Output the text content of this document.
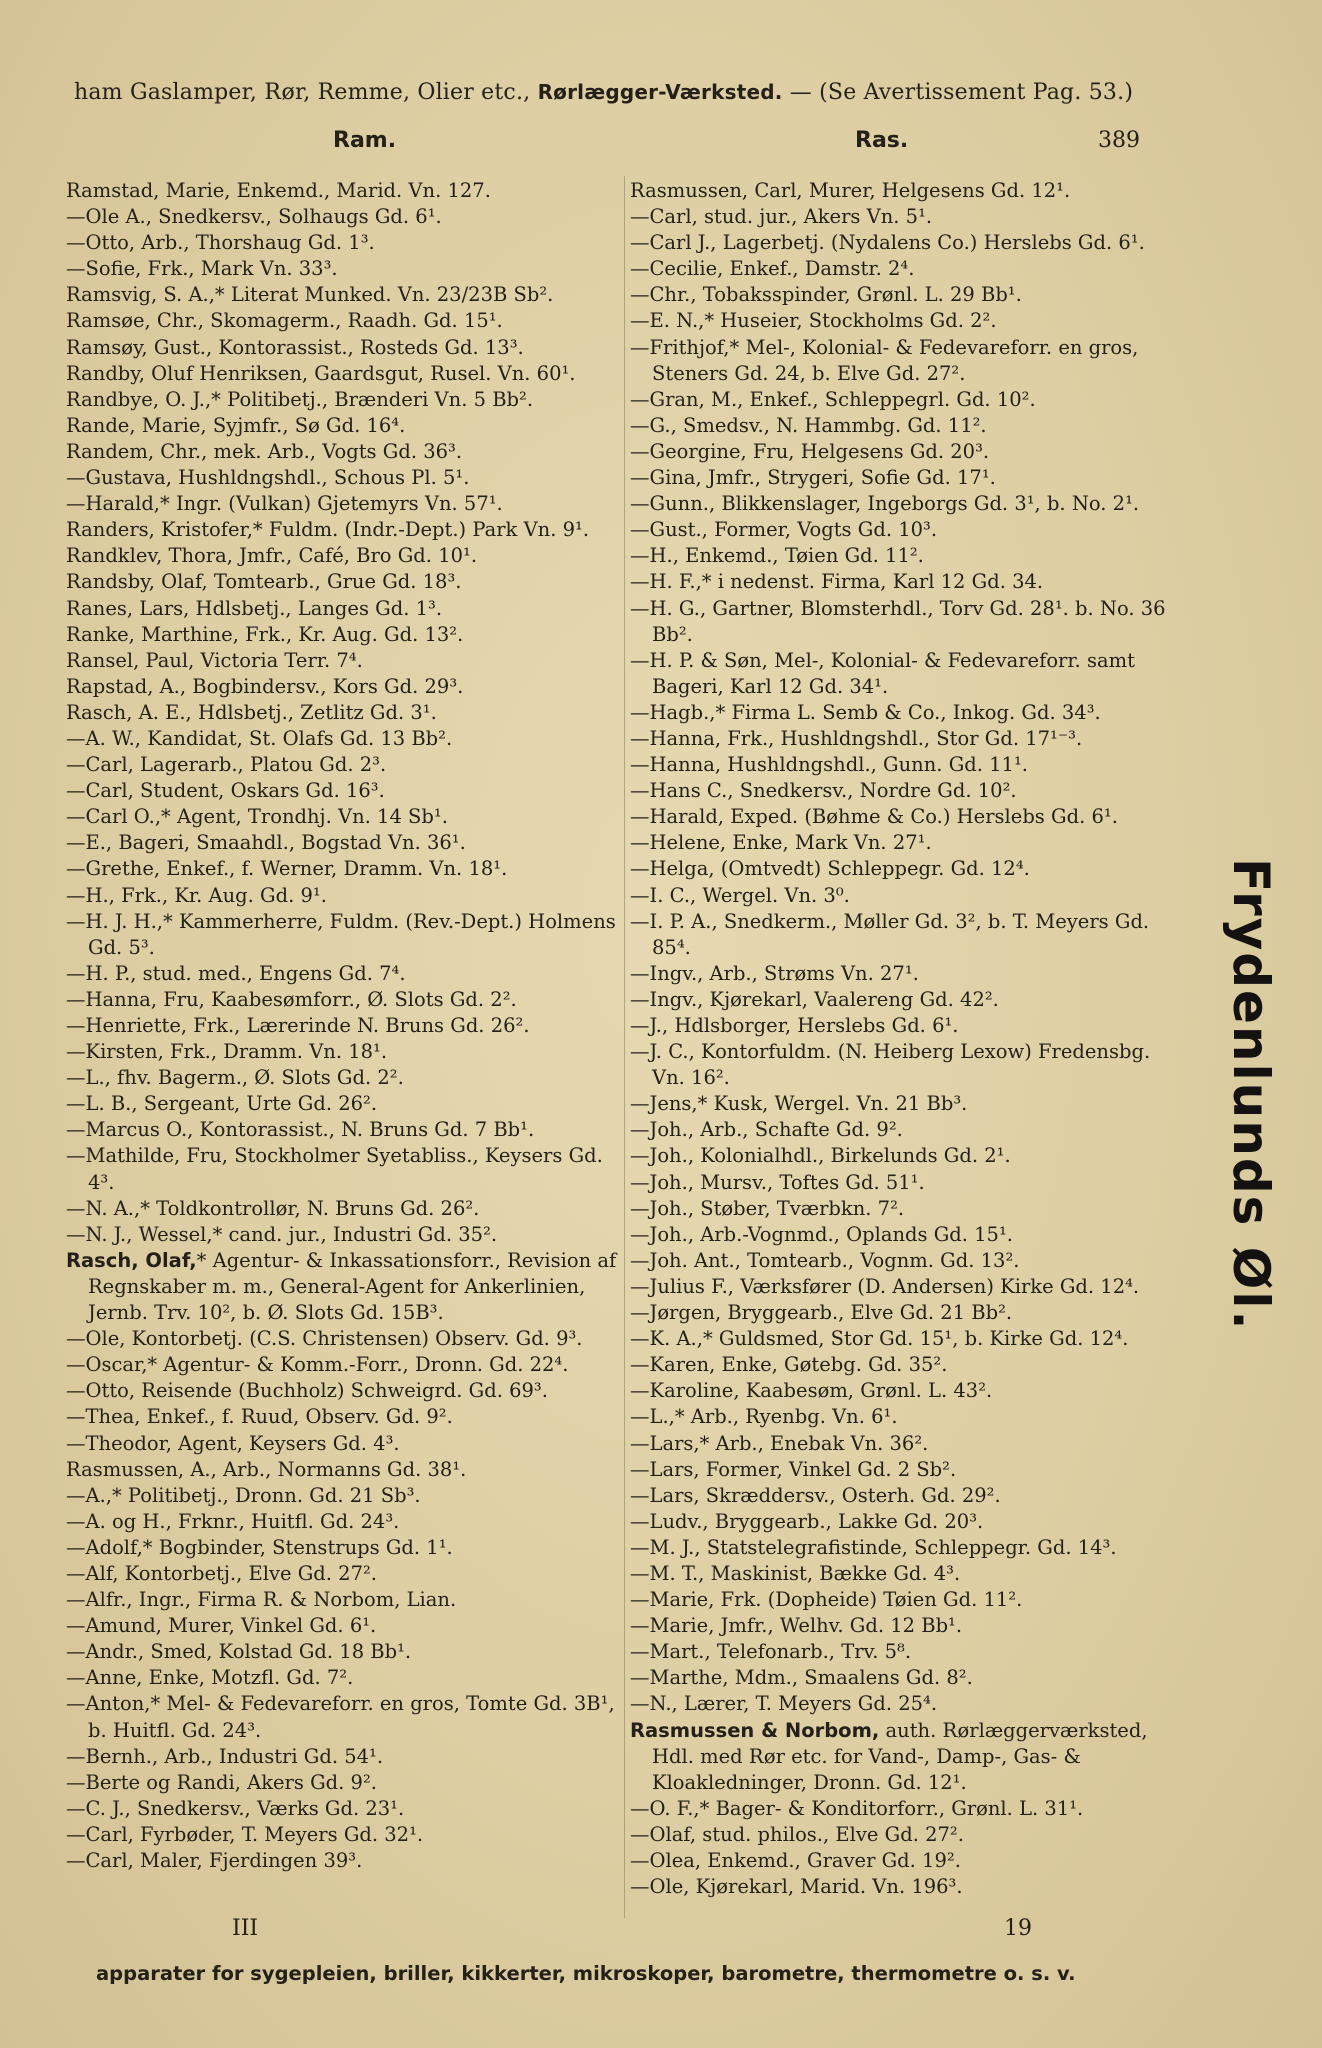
ham Gaslamper, Rør, Remme, Olier etc., Rørlægger-Værksted. — (Se Avertissement Pag. 53.)
Ram.	Ras.	389
Ramstad, Marie, Enkemd., Marid. Vn. 127.
—Ole A., Snedkersv., Solhaugs Gd. 6¹.
—Otto, Arb., Thorshaug Gd. 1³.
—Sofie, Frk., Mark Vn. 33³.
Ramsvig, S. A.,* Literat Munked. Vn. 23/23B Sb².
Ramsøe, Chr., Skomagerm., Raadh. Gd. 15¹.
Ramsøy, Gust., Kontorassist., Rosteds Gd. 13³.
Randby, Oluf Henriksen, Gaardsgut, Rusel. Vn. 60¹.
Randbye, O. J.,* Politibetj., Brænderi Vn. 5 Bb².
Rande, Marie, Syjmfr., Sø Gd. 16⁴.
Randem, Chr., mek. Arb., Vogts Gd. 36³.
—Gustava, Hushldngshdl., Schous Pl. 5¹.
—Harald,* Ingr. (Vulkan) Gjetemyrs Vn. 57¹.
Randers, Kristofer,* Fuldm. (Indr.-Dept.) Park Vn. 9¹.
Randklev, Thora, Jmfr., Café, Bro Gd. 10¹.
Randsby, Olaf, Tomtearb., Grue Gd. 18³.
Ranes, Lars, Hdlsbetj., Langes Gd. 1³.
Ranke, Marthine, Frk., Kr. Aug. Gd. 13².
Ransel, Paul, Victoria Terr. 7⁴.
Rapstad, A., Bogbindersv., Kors Gd. 29³.
Rasch, A. E., Hdlsbetj., Zetlitz Gd. 3¹.
—A. W., Kandidat, St. Olafs Gd. 13 Bb².
—Carl, Lagerarb., Platou Gd. 2³.
—Carl, Student, Oskars Gd. 16³.
—Carl O.,* Agent, Trondhj. Vn. 14 Sb¹.
—E., Bageri, Smaahdl., Bogstad Vn. 36¹.
—Grethe, Enkef., f. Werner, Dramm. Vn. 18¹.
—H., Frk., Kr. Aug. Gd. 9¹.
—H. J. H.,* Kammerherre, Fuldm. (Rev.-Dept.) Holmens Gd. 5³.
—H. P., stud. med., Engens Gd. 7⁴.
—Hanna, Fru, Kaabesømforr., Ø. Slots Gd. 2².
—Henriette, Frk., Lærerinde N. Bruns Gd. 26².
—Kirsten, Frk., Dramm. Vn. 18¹.
—L., fhv. Bagerm., Ø. Slots Gd. 2².
—L. B., Sergeant, Urte Gd. 26².
—Marcus O., Kontorassist., N. Bruns Gd. 7 Bb¹.
—Mathilde, Fru, Stockholmer Syetabliss., Keysers Gd. 4³.
—N. A.,* Toldkontrollør, N. Bruns Gd. 26².
—N. J., Wessel,* cand. jur., Industri Gd. 35².
Rasch, Olaf,* Agentur- & Inkassationsforr., Revision af Regnskaber m. m., General-Agent for Ankerlinien, Jernb. Trv. 10², b. Ø. Slots Gd. 15B³.
—Ole, Kontorbetj. (C.S. Christensen) Observ. Gd. 9³.
—Oscar,* Agentur- & Komm.-Forr., Dronn. Gd. 22⁴.
—Otto, Reisende (Buchholz) Schweigrd. Gd. 69³.
—Thea, Enkef., f. Ruud, Observ. Gd. 9².
—Theodor, Agent, Keysers Gd. 4³.
Rasmussen, A., Arb., Normanns Gd. 38¹.
—A.,* Politibetj., Dronn. Gd. 21 Sb³.
—A. og H., Frknr., Huitfl. Gd. 24³.
—Adolf,* Bogbinder, Stenstrups Gd. 1¹.
—Alf, Kontorbetj., Elve Gd. 27².
—Alfr., Ingr., Firma R. & Norbom, Lian.
—Amund, Murer, Vinkel Gd. 6¹.
—Andr., Smed, Kolstad Gd. 18 Bb¹.
—Anne, Enke, Motzfl. Gd. 7².
—Anton,* Mel- & Fedevareforr. en gros, Tomte Gd. 3B¹, b. Huitfl. Gd. 24³.
—Bernh., Arb., Industri Gd. 54¹.
—Berte og Randi, Akers Gd. 9².
—C. J., Snedkersv., Værks Gd. 23¹.
—Carl, Fyrbøder, T. Meyers Gd. 32¹.
—Carl, Maler, Fjerdingen 39³.
Rasmussen, Carl, Murer, Helgesens Gd. 12¹.
—Carl, stud. jur., Akers Vn. 5¹.
—Carl J., Lagerbetj. (Nydalens Co.) Herslebs Gd. 6¹.
—Cecilie, Enkef., Damstr. 2⁴.
—Chr., Tobaksspinder, Grønl. L. 29 Bb¹.
—E. N.,* Huseier, Stockholms Gd. 2².
—Frithjof,* Mel-, Kolonial- & Fedevareforr. en gros, Steners Gd. 24, b. Elve Gd. 27².
—Gran, M., Enkef., Schleppegrl. Gd. 10².
—G., Smedsv., N. Hammbg. Gd. 11².
—Georgine, Fru, Helgesens Gd. 20³.
—Gina, Jmfr., Strygeri, Sofie Gd. 17¹.
—Gunn., Blikkenslager, Ingeborgs Gd. 3¹, b. No. 2¹.
—Gust., Former, Vogts Gd. 10³.
—H., Enkemd., Tøien Gd. 11².
—H. F.,* i nedenst. Firma, Karl 12 Gd. 34.
—H. G., Gartner, Blomsterhdl., Torv Gd. 28¹. b. No. 36 Bb².
—H. P. & Søn, Mel-, Kolonial- & Fedevareforr. samt Bageri, Karl 12 Gd. 34¹.
—Hagb.,* Firma L. Semb & Co., Inkog. Gd. 34³.
—Hanna, Frk., Hushldngshdl., Stor Gd. 17¹⁻³.
—Hanna, Hushldngshdl., Gunn. Gd. 11¹.
—Hans C., Snedkersv., Nordre Gd. 10².
—Harald, Exped. (Bøhme & Co.) Herslebs Gd. 6¹.
—Helene, Enke, Mark Vn. 27¹.
—Helga, (Omtvedt) Schleppegr. Gd. 12⁴.
—I. C., Wergel. Vn. 3⁰.
—I. P. A., Snedkerm., Møller Gd. 3², b. T. Meyers Gd. 85⁴.
—Ingv., Arb., Strøms Vn. 27¹.
—Ingv., Kjørekarl, Vaalereng Gd. 42².
—J., Hdlsborger, Herslebs Gd. 6¹.
—J. C., Kontorfuldm. (N. Heiberg Lexow) Fredensbg. Vn. 16².
—Jens,* Kusk, Wergel. Vn. 21 Bb³.
—Joh., Arb., Schafte Gd. 9².
—Joh., Kolonialhdl., Birkelunds Gd. 2¹.
—Joh., Mursv., Toftes Gd. 51¹.
—Joh., Støber, Tværbkn. 7².
—Joh., Arb.-Vognmd., Oplands Gd. 15¹.
—Joh. Ant., Tomtearb., Vognm. Gd. 13².
—Julius F., Værksfører (D. Andersen) Kirke Gd. 12⁴.
—Jørgen, Bryggearb., Elve Gd. 21 Bb².
—K. A.,* Guldsmed, Stor Gd. 15¹, b. Kirke Gd. 12⁴.
—Karen, Enke, Gøtebg. Gd. 35².
—Karoline, Kaabesøm, Grønl. L. 43².
—L.,* Arb., Ryenbg. Vn. 6¹.
—Lars,* Arb., Enebak Vn. 36².
—Lars, Former, Vinkel Gd. 2 Sb².
—Lars, Skræddersv., Osterh. Gd. 29².
—Ludv., Bryggearb., Lakke Gd. 20³.
—M. J., Statstelegrafistinde, Schleppegr. Gd. 14³.
—M. T., Maskinist, Bække Gd. 4³.
—Marie, Frk. (Dopheide) Tøien Gd. 11².
—Marie, Jmfr., Welhv. Gd. 12 Bb¹.
—Mart., Telefonarb., Trv. 5⁸.
—Marthe, Mdm., Smaalens Gd. 8².
—N., Lærer, T. Meyers Gd. 25⁴.
Rasmussen & Norbom, auth. Rørlæggerværksted, Hdl. med Rør etc. for Vand-, Damp-, Gas- & Kloakledninger, Dronn. Gd. 12¹.
—O. F.,* Bager- & Konditorforr., Grønl. L. 31¹.
—Olaf, stud. philos., Elve Gd. 27².
—Olea, Enkemd., Graver Gd. 19².
—Ole, Kjørekarl, Marid. Vn. 196³.
Frydenlunds Øl.
III	19
apparater for sygepleien, briller, kikkerter, mikroskoper, barometre, thermometre o. s. v.
